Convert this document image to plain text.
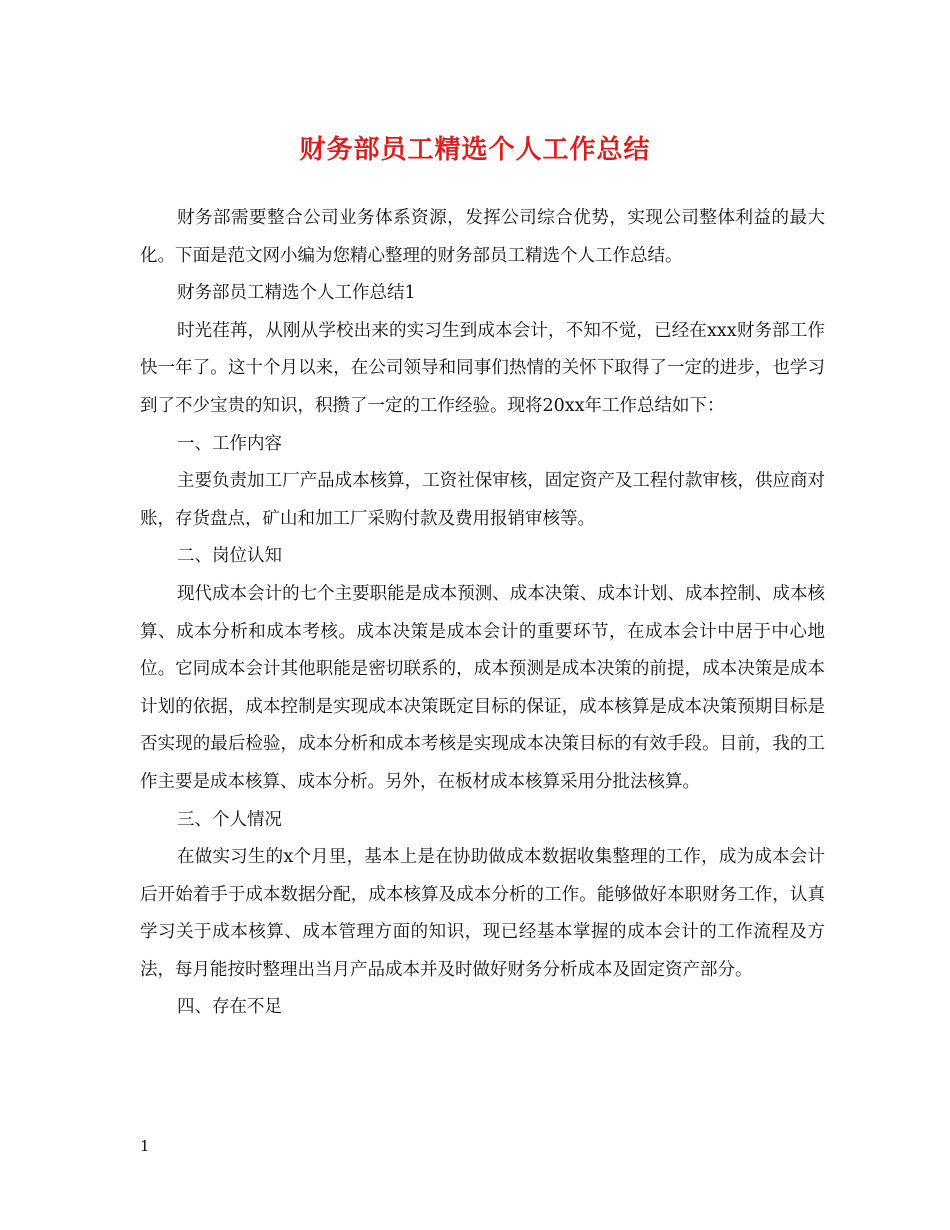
财务部员工精选个人工作总结

财务部需要整合公司业务体系资源，发挥公司综合优势，实现公司整体利益的最大化。下面是范文网小编为您精心整理的财务部员工精选个人工作总结。

财务部员工精选个人工作总结1

时光荏苒，从刚从学校出来的实习生到成本会计，不知不觉，已经在xxx财务部工作快一年了。这十个月以来，在公司领导和同事们热情的关怀下取得了一定的进步，也学习到了不少宝贵的知识，积攒了一定的工作经验。现将20xx年工作总结如下：

一、工作内容

主要负责加工厂产品成本核算，工资社保审核，固定资产及工程付款审核，供应商对账，存货盘点，矿山和加工厂采购付款及费用报销审核等。

二、岗位认知

现代成本会计的七个主要职能是成本预测、成本决策、成本计划、成本控制、成本核算、成本分析和成本考核。成本决策是成本会计的重要环节，在成本会计中居于中心地位。它同成本会计其他职能是密切联系的，成本预测是成本决策的前提，成本决策是成本计划的依据，成本控制是实现成本决策既定目标的保证，成本核算是成本决策预期目标是否实现的最后检验，成本分析和成本考核是实现成本决策目标的有效手段。目前，我的工作主要是成本核算、成本分析。另外，在板材成本核算采用分批法核算。

三、个人情况

在做实习生的x个月里，基本上是在协助做成本数据收集整理的工作，成为成本会计后开始着手于成本数据分配，成本核算及成本分析的工作。能够做好本职财务工作，认真学习关于成本核算、成本管理方面的知识，现已经基本掌握的成本会计的工作流程及方法，每月能按时整理出当月产品成本并及时做好财务分析成本及固定资产部分。

四、存在不足

1
